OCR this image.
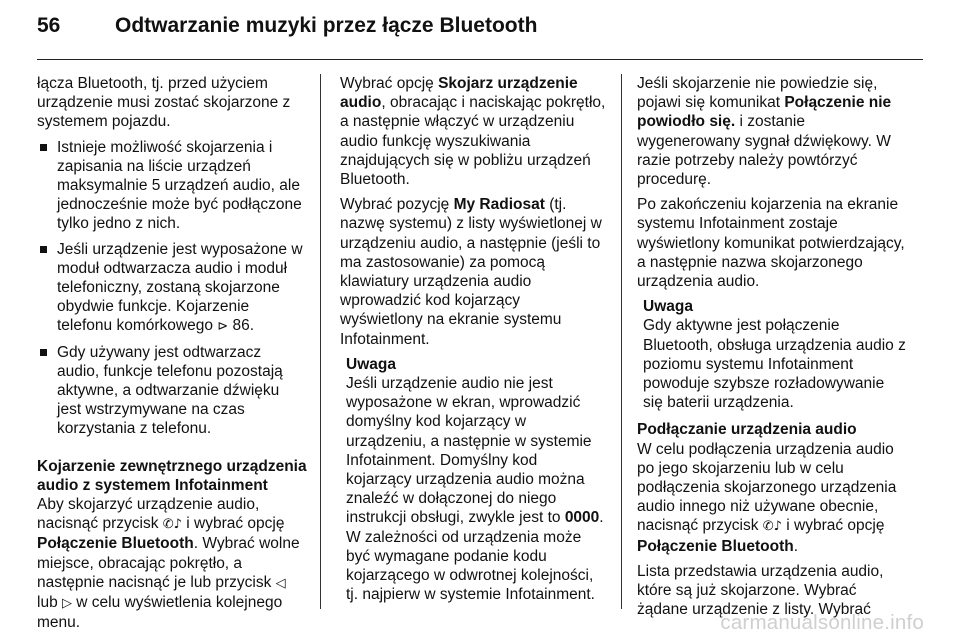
56	Odtwarzanie muzyki przez łącze Bluetooth

łącza Bluetooth, tj. przed użyciem urządzenie musi zostać skojarzone z systemem pojazdu.

Istnieje możliwość skojarzenia i zapisania na liście urządzeń maksymalnie 5 urządzeń audio, ale jednocześnie może być podłączone tylko jedno z nich.
Jeśli urządzenie jest wyposażone w moduł odtwarzacza audio i moduł telefoniczny, zostaną skojarzone obydwie funkcje. Kojarzenie telefonu komórkowego ⊳ 86.
Gdy używany jest odtwarzacz audio, funkcje telefonu pozostają aktywne, a odtwarzanie dźwięku jest wstrzymywane na czas korzystania z telefonu.

Kojarzenie zewnętrznego urządzenia audio z systemem Infotainment

Aby skojarzyć urządzenie audio, nacisnąć przycisk ✆♪ i wybrać opcję Połączenie Bluetooth. Wybrać wolne miejsce, obracając pokrętło, a następnie nacisnąć je lub przycisk ◁ lub ▷ w celu wyświetlenia kolejnego menu.

Wybrać opcję Skojarz urządzenie audio, obracając i naciskając pokrętło, a następnie włączyć w urządzeniu audio funkcję wyszukiwania znajdujących się w pobliżu urządzeń Bluetooth.

Wybrać pozycję My Radiosat (tj. nazwę systemu) z listy wyświetlonej w urządzeniu audio, a następnie (jeśli to ma zastosowanie) za pomocą klawiatury urządzenia audio wprowadzić kod kojarzący wyświetlony na ekranie systemu Infotainment.

Uwaga
Jeśli urządzenie audio nie jest wyposażone w ekran, wprowadzić domyślny kod kojarzący w urządzeniu, a następnie w systemie Infotainment. Domyślny kod kojarzący urządzenia audio można znaleźć w dołączonej do niego instrukcji obsługi, zwykle jest to 0000. W zależności od urządzenia może być wymagane podanie kodu kojarzącego w odwrotnej kolejności, tj. najpierw w systemie Infotainment.

Jeśli skojarzenie nie powiedzie się, pojawi się komunikat Połączenie nie powiodło się. i zostanie wygenerowany sygnał dźwiękowy. W razie potrzeby należy powtórzyć procedurę.

Po zakończeniu kojarzenia na ekranie systemu Infotainment zostaje wyświetlony komunikat potwierdzający, a następnie nazwa skojarzonego urządzenia audio.

Uwaga
Gdy aktywne jest połączenie Bluetooth, obsługa urządzenia audio z poziomu systemu Infotainment powoduje szybsze rozładowywanie się baterii urządzenia.

Podłączanie urządzenia audio

W celu podłączenia urządzenia audio po jego skojarzeniu lub w celu podłączenia skojarzonego urządzenia audio innego niż używane obecnie, nacisnąć przycisk ✆♪ i wybrać opcję Połączenie Bluetooth.

Lista przedstawia urządzenia audio, które są już skojarzone. Wybrać żądane urządzenie z listy. Wybrać

carmanualsonline.info
